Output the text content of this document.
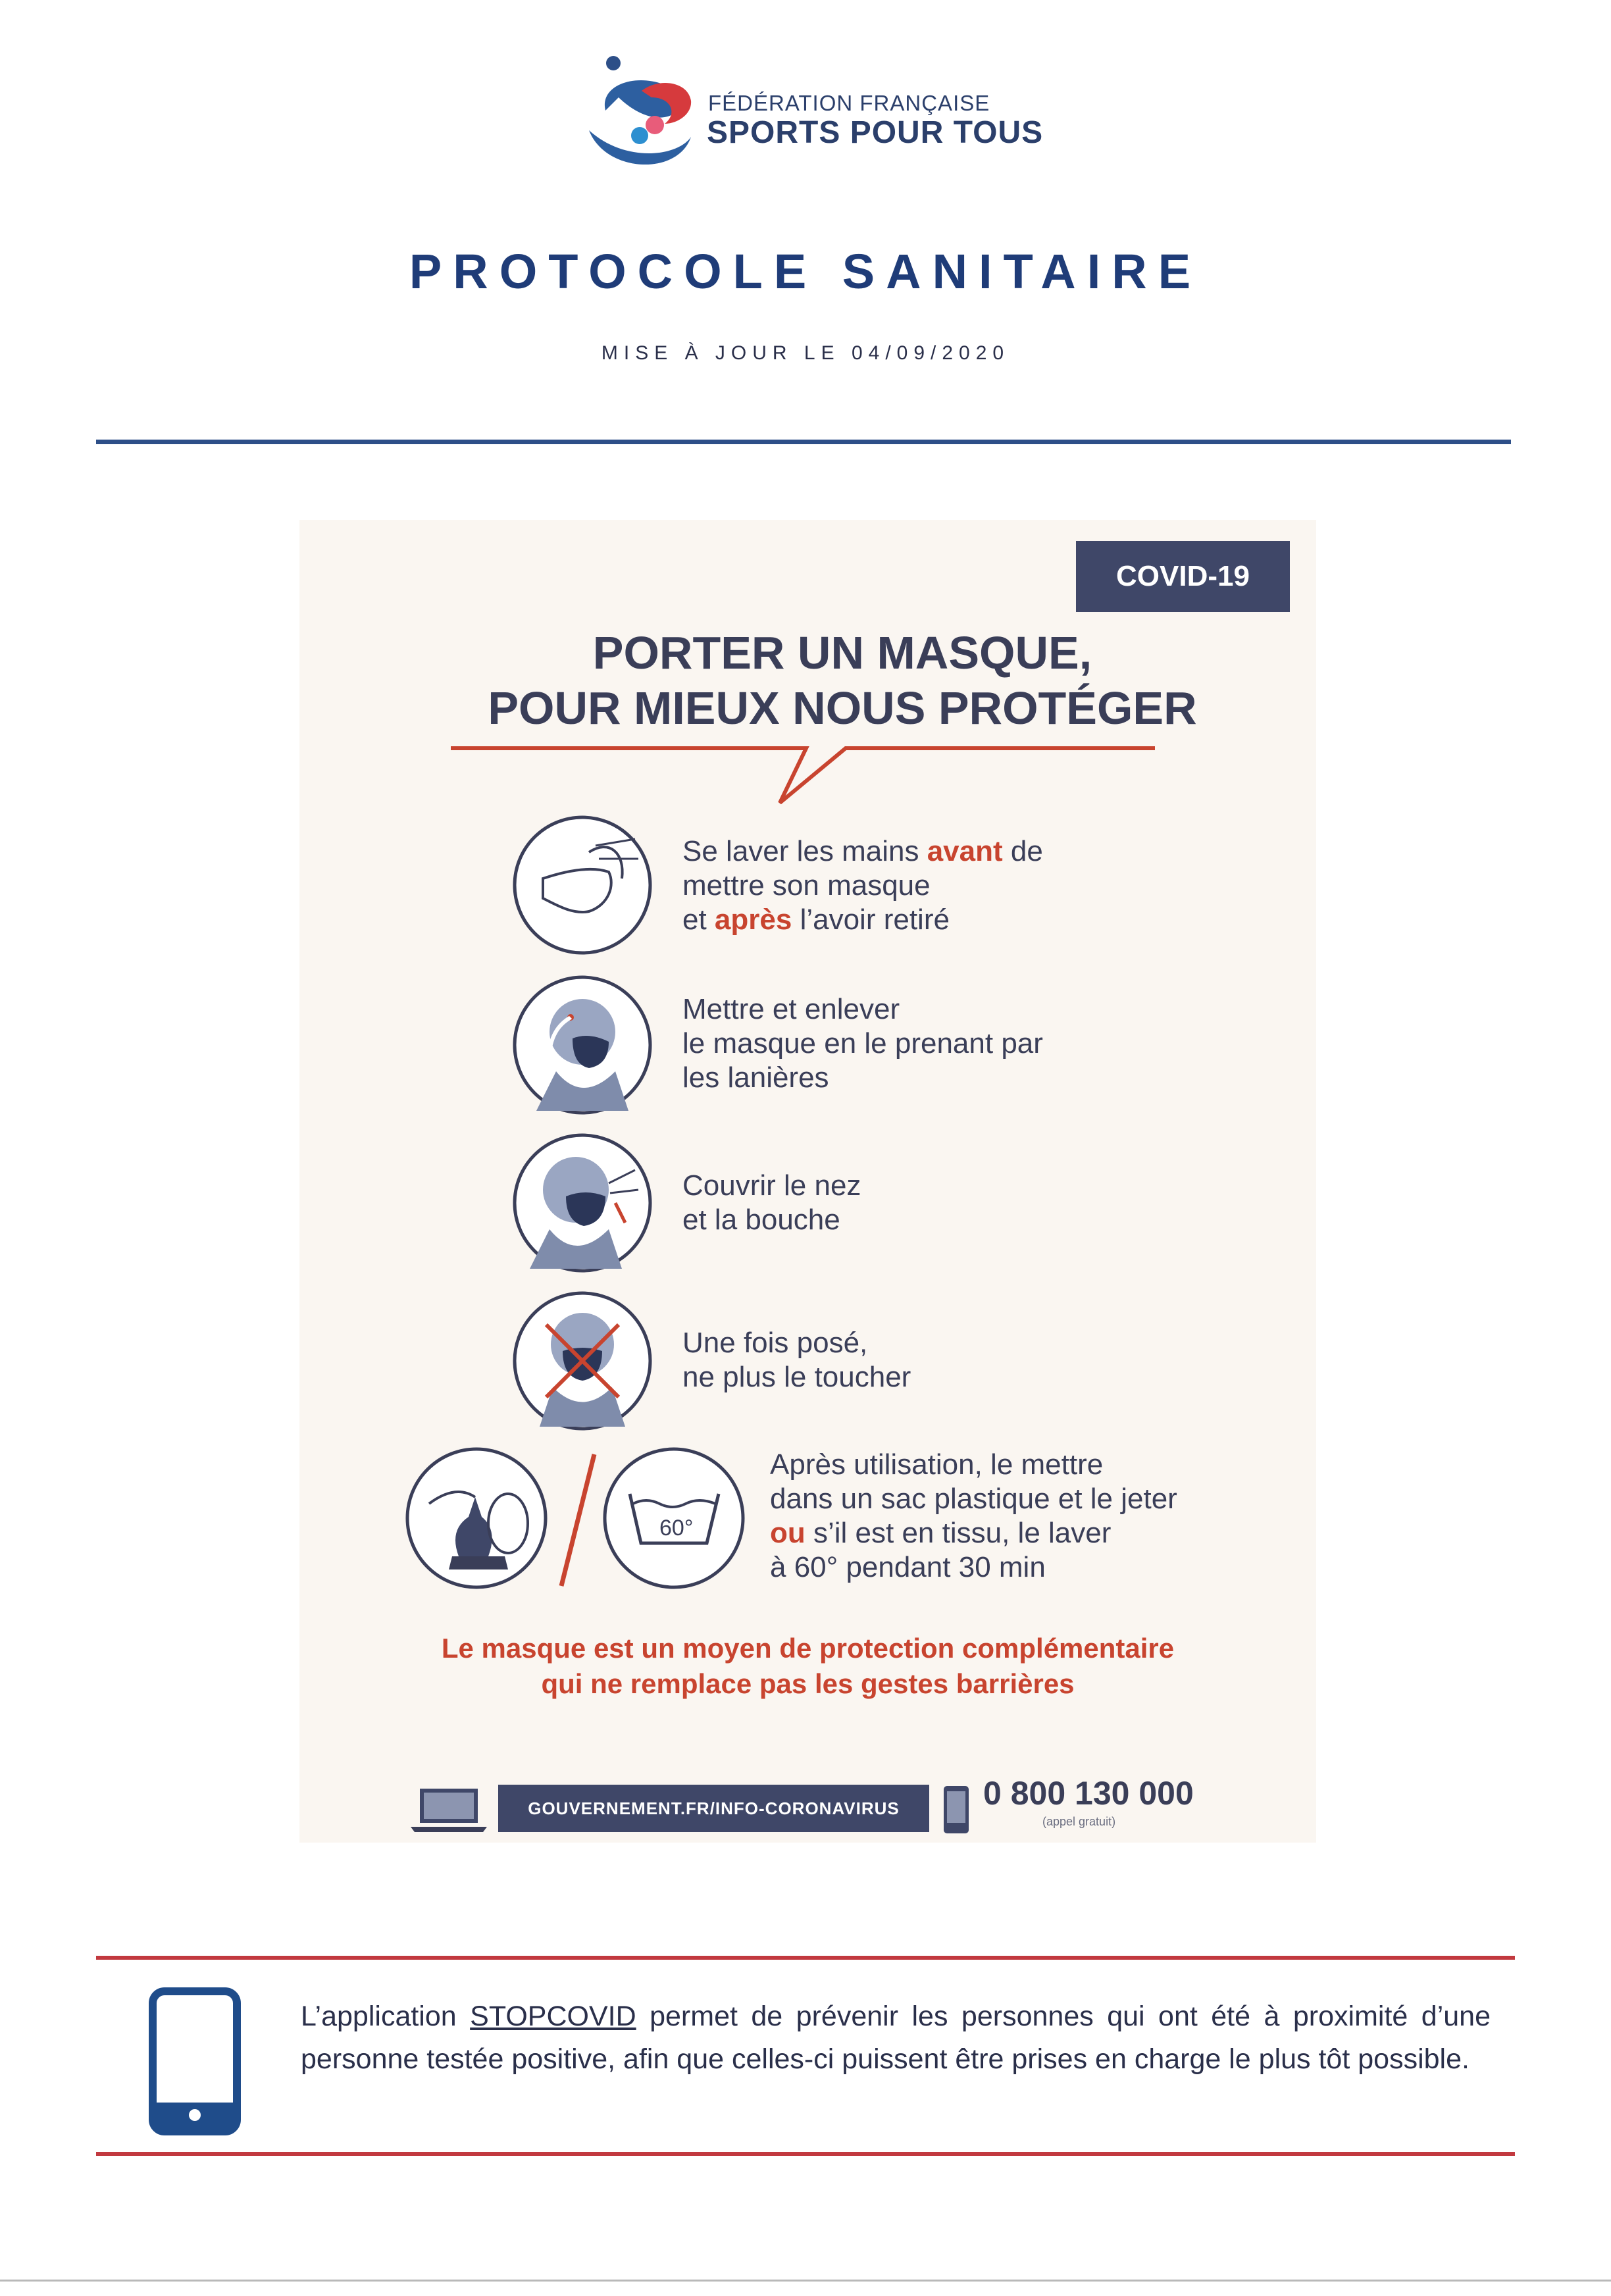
FÉDÉRATION FRANÇAISE
SPORTS POUR TOUS
PROTOCOLE SANITAIRE
MISE À JOUR LE 04/09/2020
COVID-19
PORTER UN MASQUE,
POUR MIEUX NOUS PROTÉGER
Se laver les mains avant de
mettre son masque
et après l’avoir retiré
Mettre et enlever
le masque en le prenant par
les lanières
Couvrir le nez
et la bouche
Une fois posé,
ne plus le toucher
60°
Après utilisation, le mettre
dans un sac plastique et le jeter
ou s’il est en tissu, le laver
à 60° pendant 30 min
Le masque est un moyen de protection complémentaire
qui ne remplace pas les gestes barrières
GOUVERNEMENT.FR/INFO-CORONAVIRUS	0 800 130 000
(appel gratuit)
L’application STOPCOVID permet de prévenir les personnes qui ont été à proximité d’une personne testée positive, afin que celles-ci puissent être prises en charge le plus tôt possible.
